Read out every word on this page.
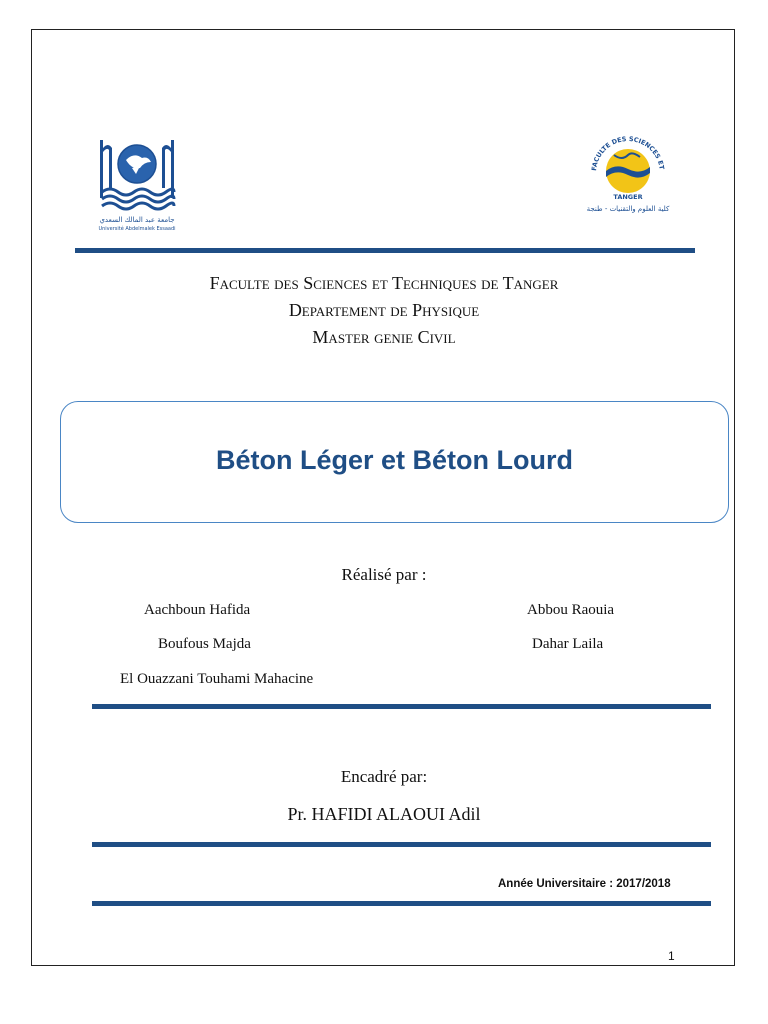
جامعة عبد المالك السعدي
Université Abdelmalek Essaadi
FACULTE DES SCIENCES ET
TANGER
كلية العلوم والتقنيات - طنجة
Faculte des Sciences et Techniques de Tanger
Departement de Physique
Master genie Civil
Béton Léger et Béton Lourd
Réalisé par :
Aachboun Hafida	Abbou Raouia
Boufous Majda	Dahar Laila
El Ouazzani Touhami Mahacine
Encadré par:
Pr. HAFIDI ALAOUI Adil
Année Universitaire : 2017/2018
1
